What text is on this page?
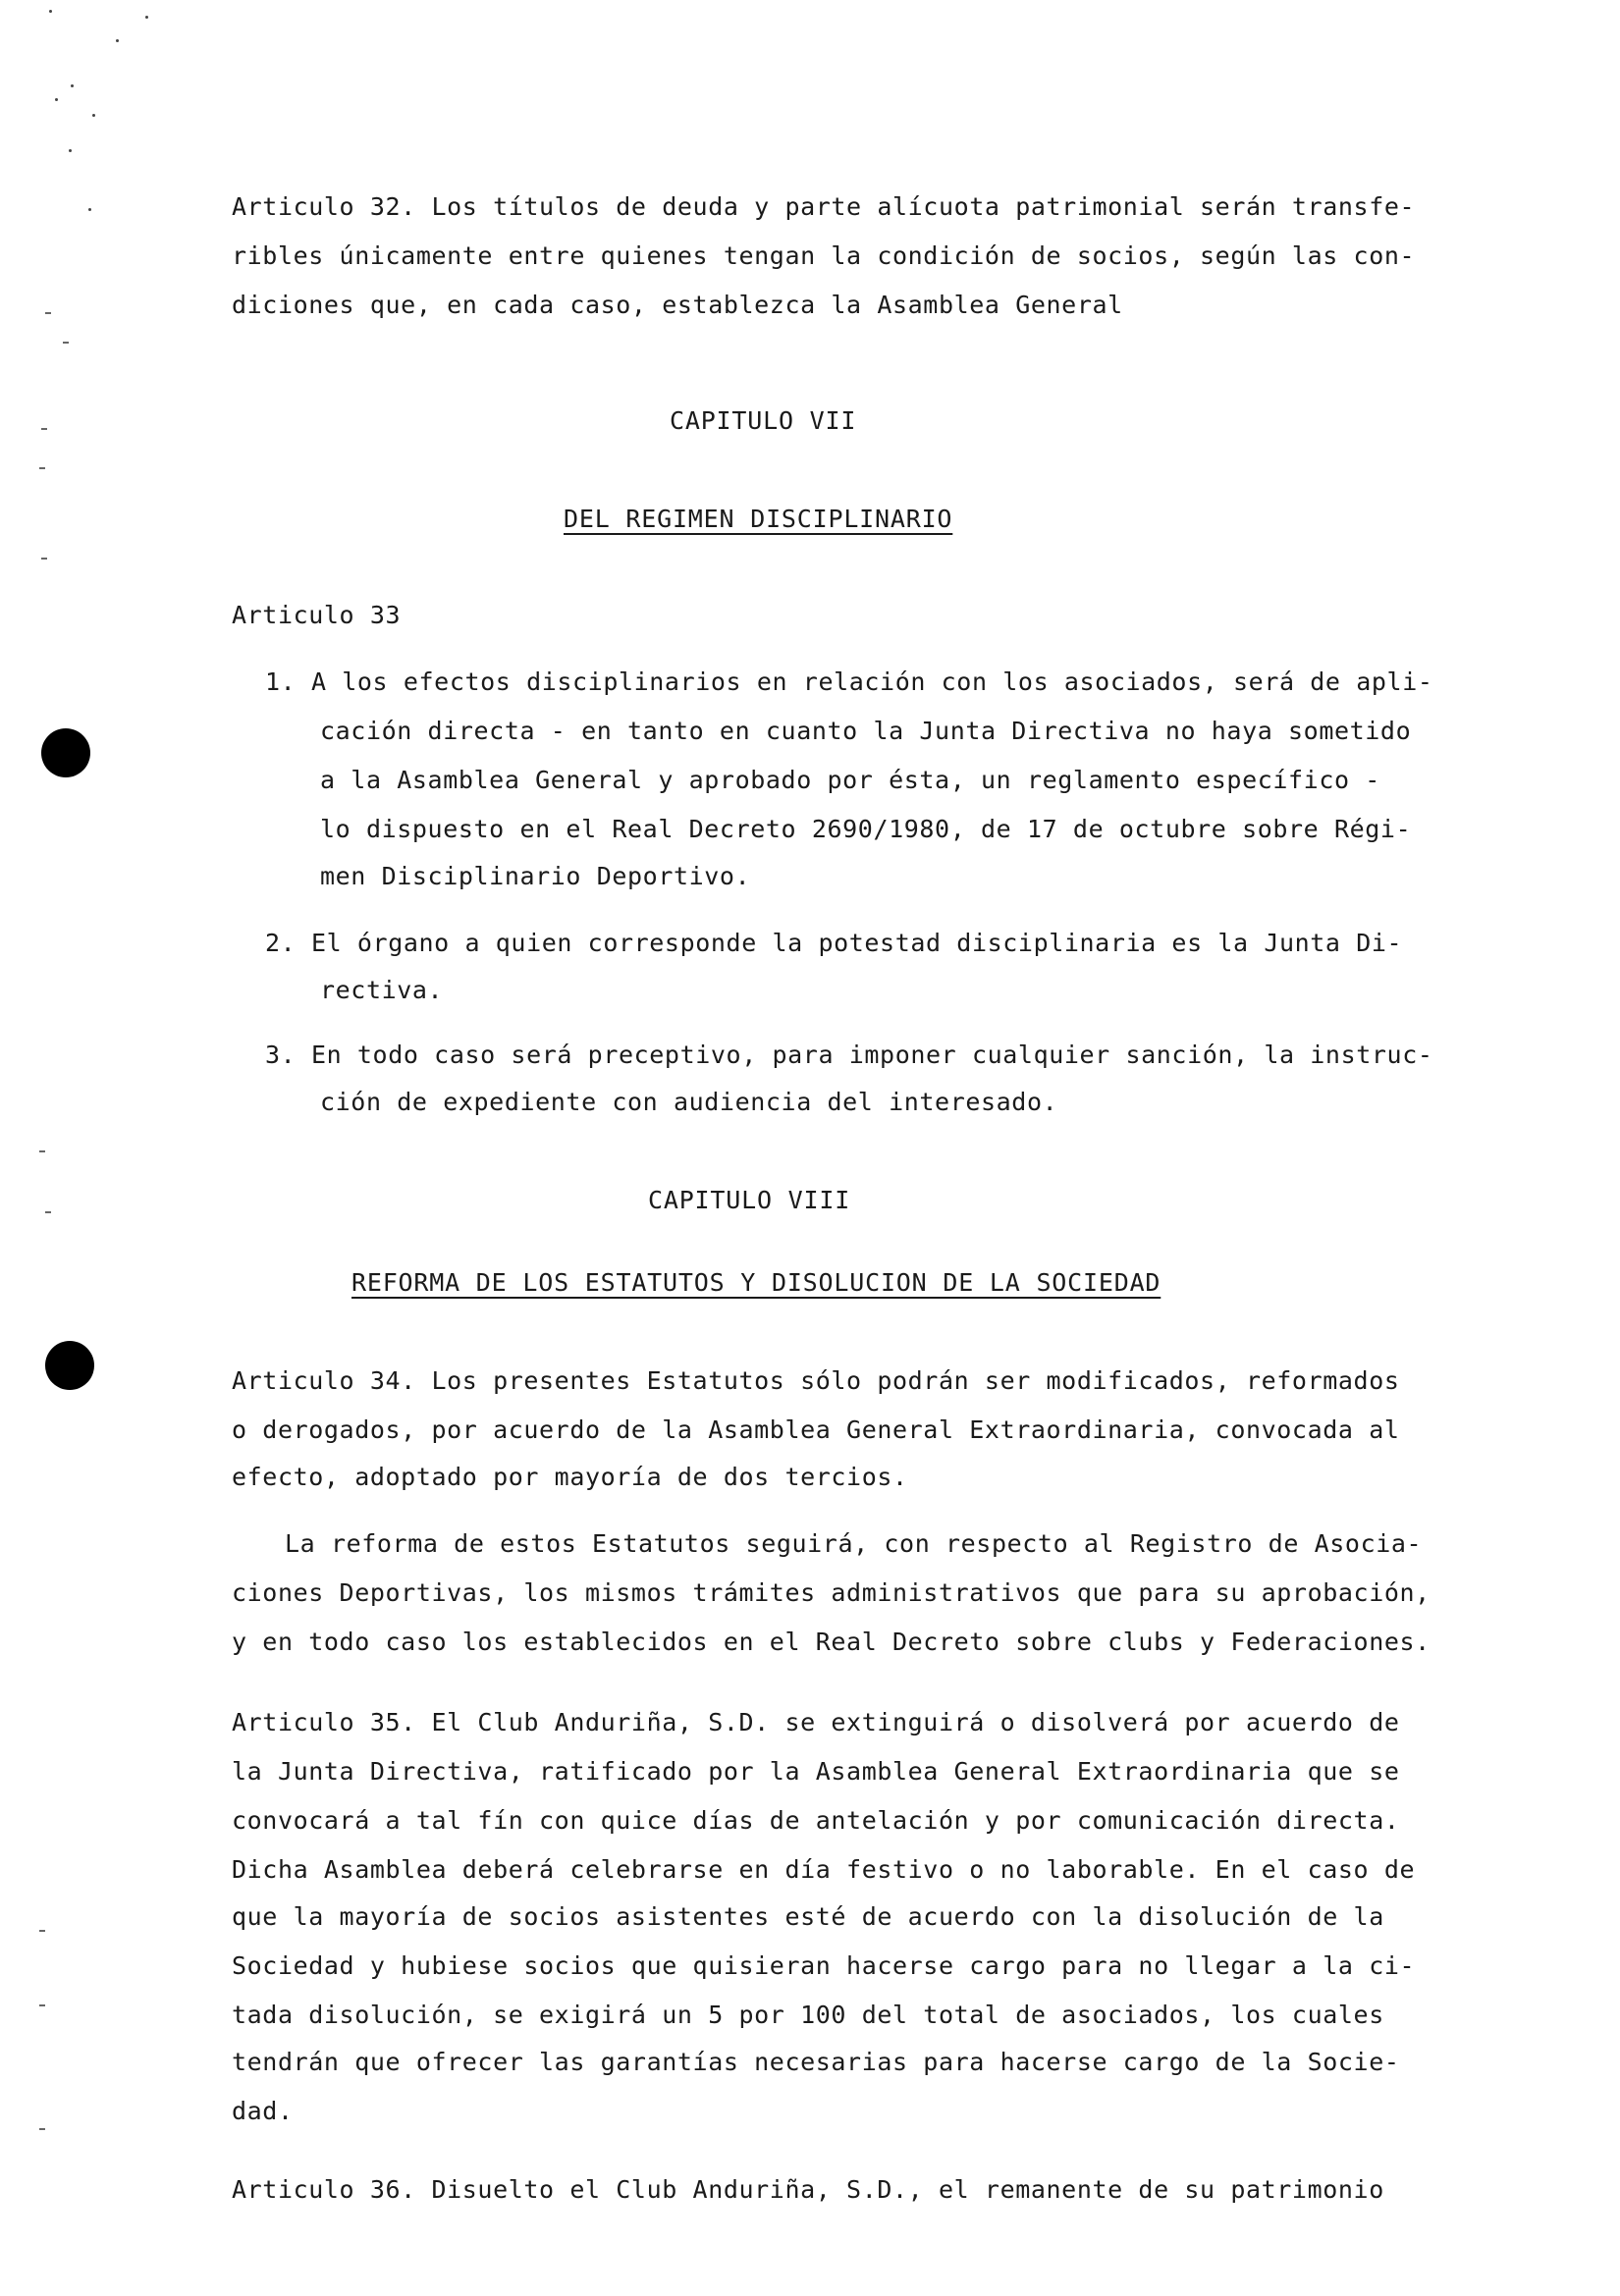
Articulo 32. Los títulos de deuda y parte alícuota patrimonial serán transfe-
ribles únicamente entre quienes tengan la condición de socios, según las con-
diciones que, en cada caso, establezca la Asamblea General
CAPITULO VII
DEL REGIMEN DISCIPLINARIO
Articulo 33
1. A los efectos disciplinarios en relación con los asociados, será de apli-
cación directa - en tanto en cuanto la Junta Directiva no haya sometido
a la Asamblea General y aprobado por ésta, un reglamento específico -
lo dispuesto en el Real Decreto 2690/1980, de 17 de octubre sobre Régi-
men Disciplinario Deportivo.
2. El órgano a quien corresponde la potestad disciplinaria es la Junta Di-
rectiva.
3. En todo caso será preceptivo, para imponer cualquier sanción, la instruc-
ción de expediente con audiencia del interesado.
CAPITULO VIII
REFORMA DE LOS ESTATUTOS Y DISOLUCION DE LA SOCIEDAD
Articulo 34. Los presentes Estatutos sólo podrán ser modificados, reformados
o derogados, por acuerdo de la Asamblea General Extraordinaria, convocada al
efecto, adoptado por mayoría de dos tercios.
La reforma de estos Estatutos seguirá, con respecto al Registro de Asocia-
ciones Deportivas, los mismos trámites administrativos que para su aprobación,
y en todo caso los establecidos en el Real Decreto sobre clubs y Federaciones.
Articulo 35. El Club Anduriña, S.D. se extinguirá o disolverá por acuerdo de
la Junta Directiva, ratificado por la Asamblea General Extraordinaria que se
convocará a tal fín con quice días de antelación y por comunicación directa.
Dicha Asamblea deberá celebrarse en día festivo o no laborable. En el caso de
que la mayoría de socios asistentes esté de acuerdo con la disolución de la
Sociedad y hubiese socios que quisieran hacerse cargo para no llegar a la ci-
tada disolución, se exigirá un 5 por 100 del total de asociados, los cuales
tendrán que ofrecer las garantías necesarias para hacerse cargo de la Socie-
dad.
Articulo 36. Disuelto el Club Anduriña, S.D., el remanente de su patrimonio
